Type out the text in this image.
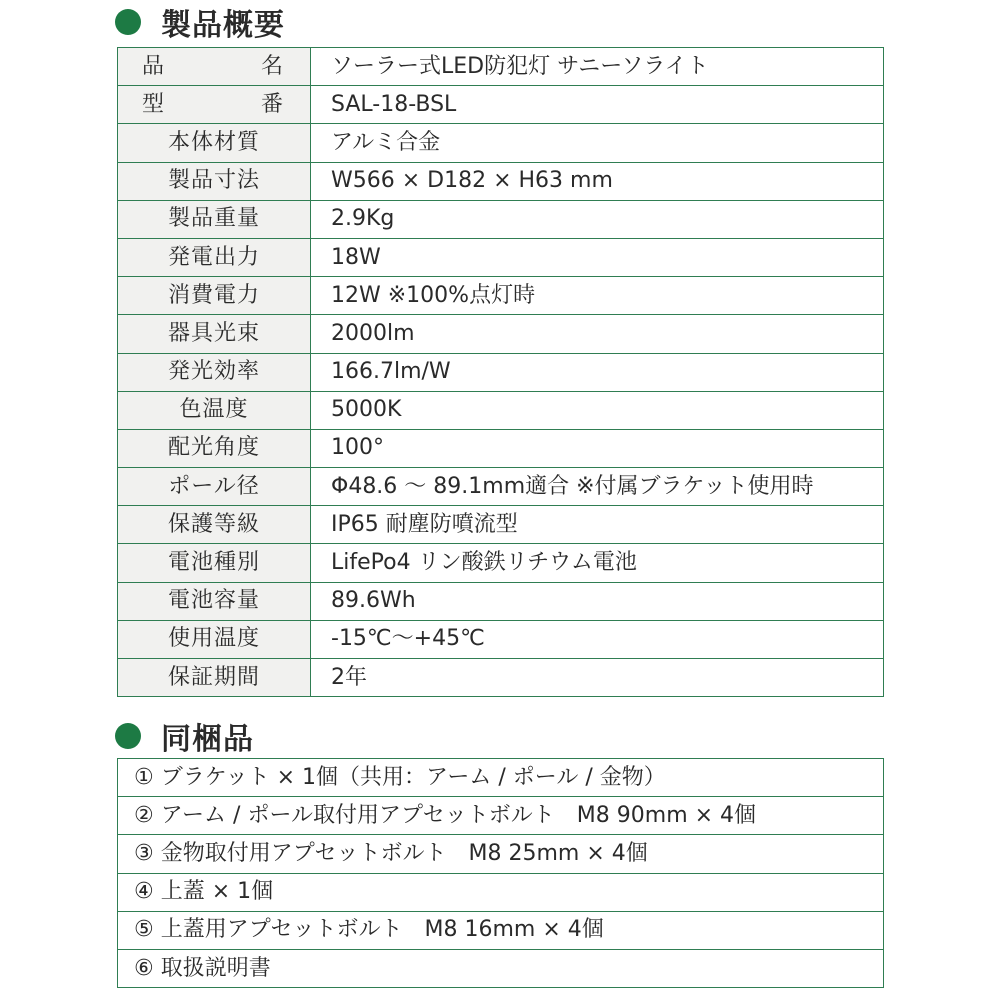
製品概要
品　　名	ソーラー式LED防犯灯 サニーソライト
型　　番	SAL-18-BSL
本体材質	アルミ合金
製品寸法	W566 × D182 × H63 mm
製品重量	2.9Kg
発電出力	18W
消費電力	12W ※100%点灯時
器具光束	2000lm
発光効率	166.7lm/W
色温度	5000K
配光角度	100°
ポール径	Φ48.6 ～ 89.1mm適合 ※付属ブラケット使用時
保護等級	IP65 耐塵防噴流型
電池種別	LifePo4 リン酸鉄リチウム電池
電池容量	89.6Wh
使用温度	-15℃～+45℃
保証期間	2年
同梱品
① ブラケット × 1個（共用：アーム / ポール / 金物）
② アーム / ポール取付用アプセットボルト　M8 90mm × 4個
③ 金物取付用アプセットボルト　M8 25mm × 4個
④ 上蓋 × 1個
⑤ 上蓋用アプセットボルト　M8 16mm × 4個
⑥ 取扱説明書
